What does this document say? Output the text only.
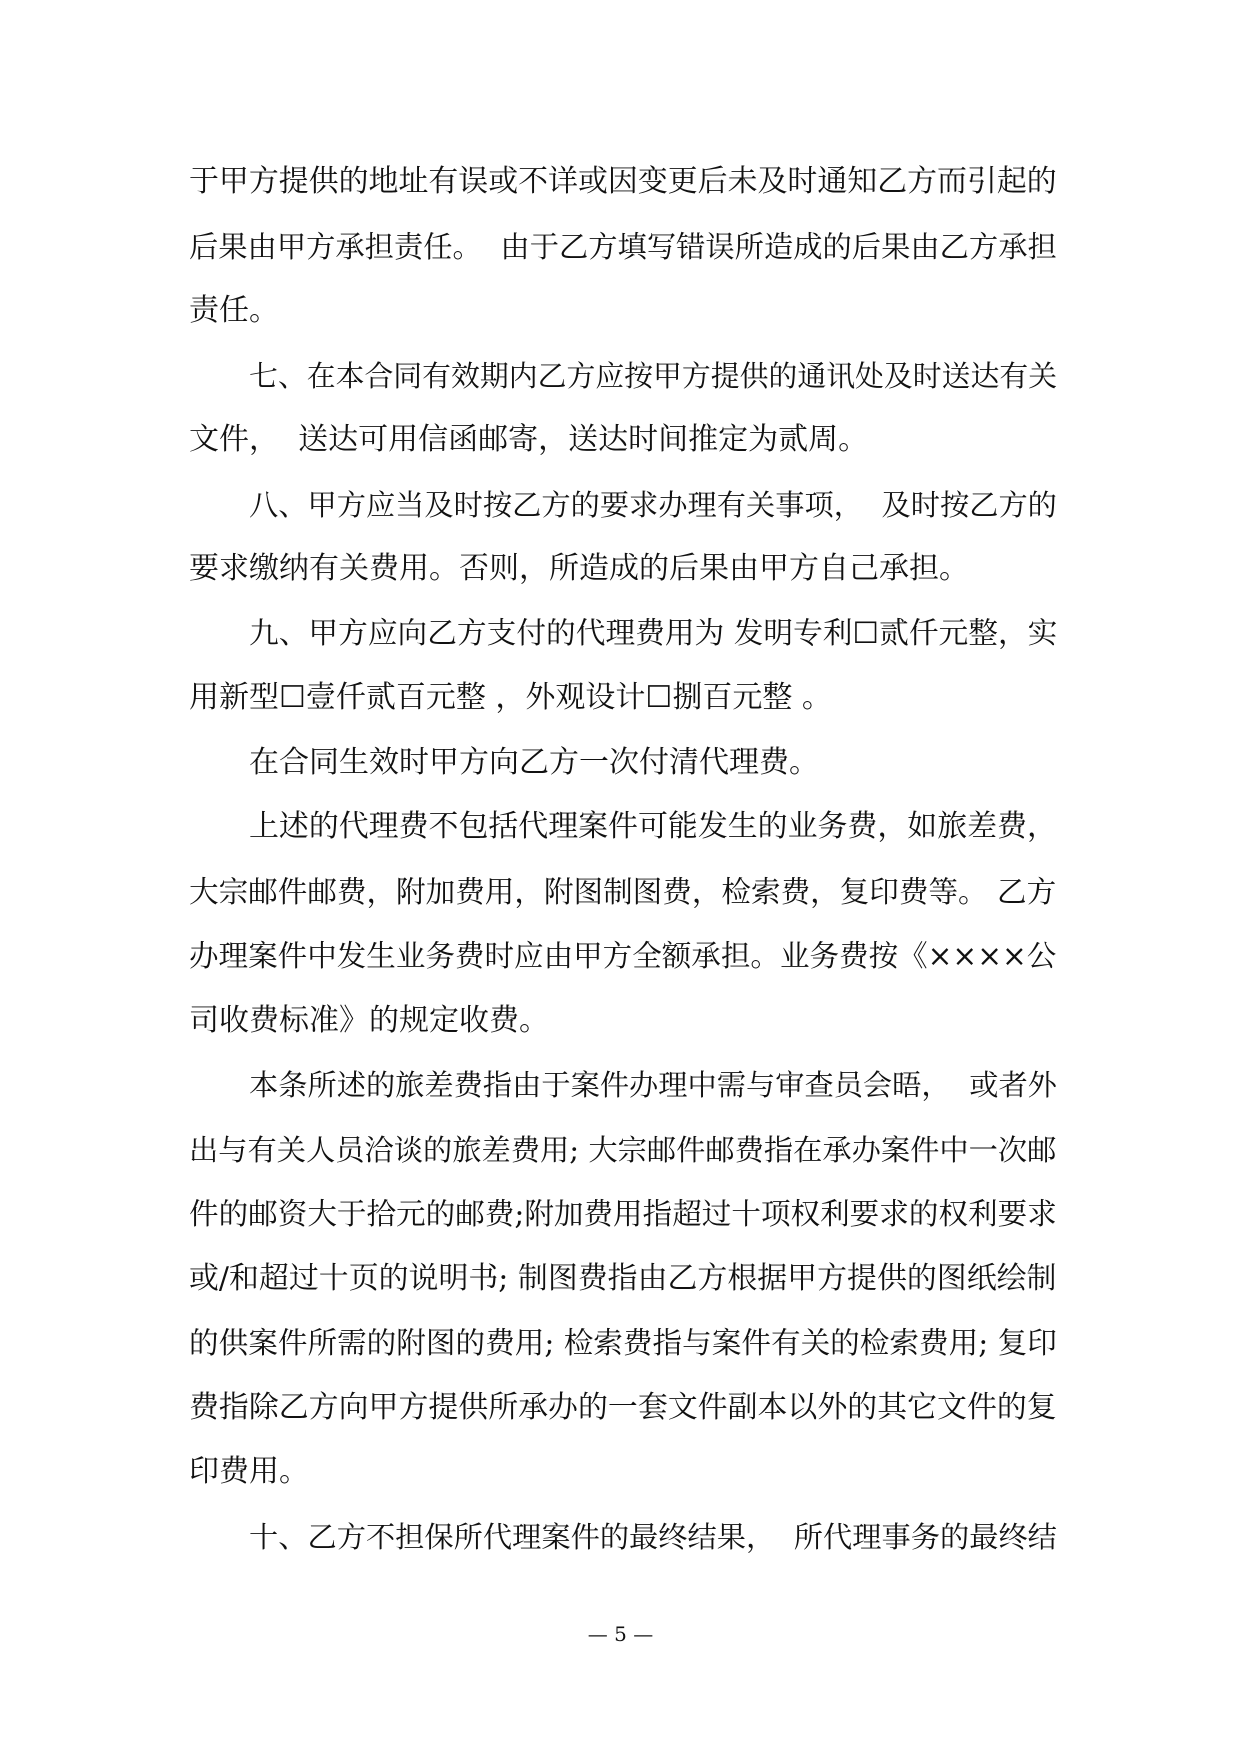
于甲方提供的地址有误或不详或因变更后未及时通知乙方而引起的
后果由甲方承担责任。  由于乙方填写错误所造成的后果由乙方承担
责任。
七、在本合同有效期内乙方应按甲方提供的通讯处及时送达有关
文件，  送达可用信函邮寄，送达时间推定为贰周。
八、甲方应当及时按乙方的要求办理有关事项，  及时按乙方的
要求缴纳有关费用。否则，所造成的后果由甲方自己承担。
九、甲方应向乙方支付的代理费用为 发明专利☐贰仟元整，实
用新型☐壹仟贰百元整 ，外观设计☐捌百元整 。
在合同生效时甲方向乙方一次付清代理费。
上述的代理费不包括代理案件可能发生的业务费，如旅差费，
大宗邮件邮费，附加费用，附图制图费，检索费，复印费等。 乙方
办理案件中发生业务费时应由甲方全额承担。业务费按《××××公
司收费标准》的规定收费。
本条所述的旅差费指由于案件办理中需与审查员会晤，  或者外
出与有关人员洽谈的旅差费用; 大宗邮件邮费指在承办案件中一次邮
件的邮资大于拾元的邮费;附加费用指超过十项权利要求的权利要求
或/和超过十页的说明书; 制图费指由乙方根据甲方提供的图纸绘制
的供案件所需的附图的费用; 检索费指与案件有关的检索费用; 复印
费指除乙方向甲方提供所承办的一套文件副本以外的其它文件的复
印费用。
十、乙方不担保所代理案件的最终结果，  所代理事务的最终结
— 5 —
